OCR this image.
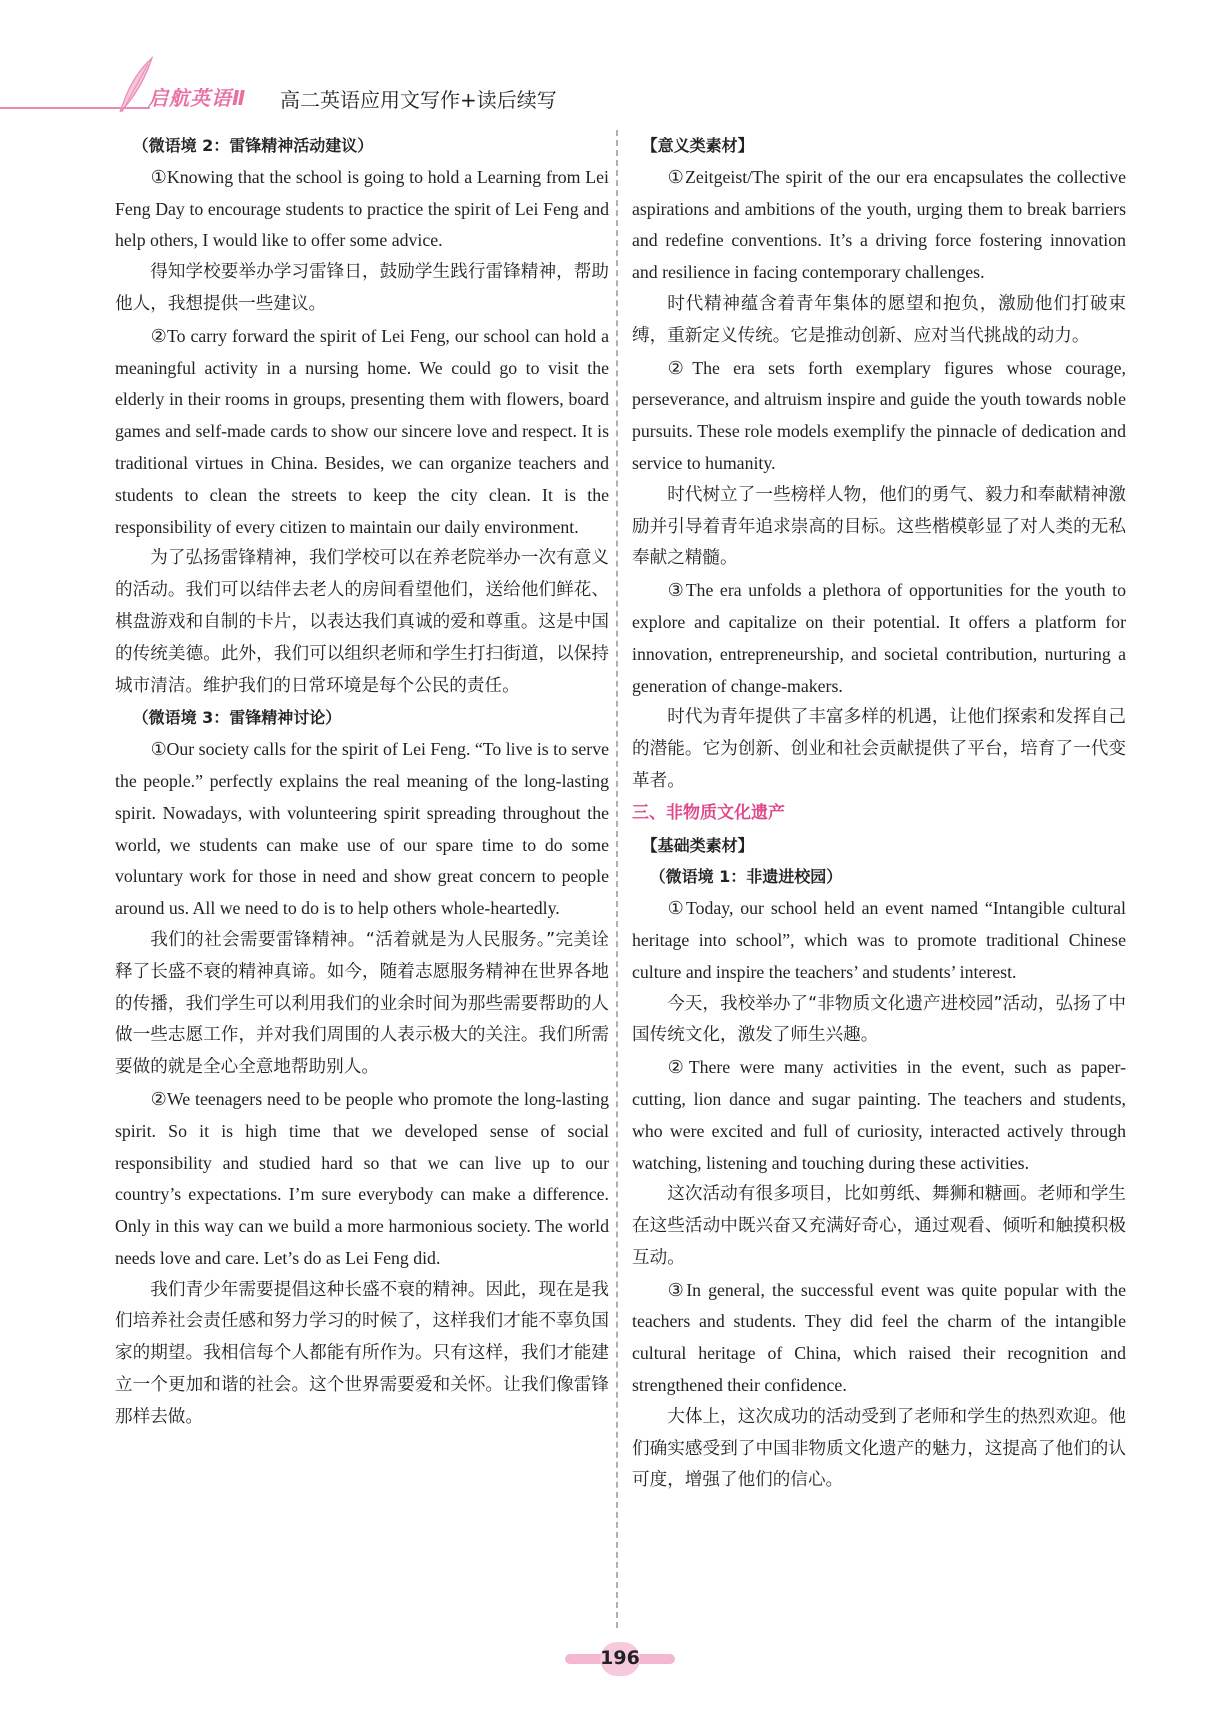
启航英语Ⅱ 高二英语应用文写作+读后续写

（微语境 2：雷锋精神活动建议）

①Knowing that the school is going to hold a Learning from Lei Feng Day to encourage students to practice the spirit of Lei Feng and help others, I would like to offer some advice.

得知学校要举办学习雷锋日，鼓励学生践行雷锋精神，帮助他人，我想提供一些建议。

②To carry forward the spirit of Lei Feng, our school can hold a meaningful activity in a nursing home. We could go to visit the elderly in their rooms in groups, presenting them with flowers, board games and self-made cards to show our sincere love and respect. It is traditional virtues in China. Besides, we can organize teachers and students to clean the streets to keep the city clean. It is the responsibility of every citizen to maintain our daily environment.

为了弘扬雷锋精神，我们学校可以在养老院举办一次有意义的活动。我们可以结伴去老人的房间看望他们，送给他们鲜花、棋盘游戏和自制的卡片，以表达我们真诚的爱和尊重。这是中国的传统美德。此外，我们可以组织老师和学生打扫街道，以保持城市清洁。维护我们的日常环境是每个公民的责任。

（微语境 3：雷锋精神讨论）

①Our society calls for the spirit of Lei Feng. “To live is to serve the people.” perfectly explains the real meaning of the long-lasting spirit. Nowadays, with volunteering spirit spreading throughout the world, we students can make use of our spare time to do some voluntary work for those in need and show great concern to people around us. All we need to do is to help others whole-heartedly.

我们的社会需要雷锋精神。“活着就是为人民服务。”完美诠释了长盛不衰的精神真谛。如今，随着志愿服务精神在世界各地的传播，我们学生可以利用我们的业余时间为那些需要帮助的人做一些志愿工作，并对我们周围的人表示极大的关注。我们所需要做的就是全心全意地帮助别人。

②We teenagers need to be people who promote the long-lasting spirit. So it is high time that we developed sense of social responsibility and studied hard so that we can live up to our country’s expectations. I’m sure everybody can make a difference. Only in this way can we build a more harmonious society. The world needs love and care. Let’s do as Lei Feng did.

我们青少年需要提倡这种长盛不衰的精神。因此，现在是我们培养社会责任感和努力学习的时候了，这样我们才能不辜负国家的期望。我相信每个人都能有所作为。只有这样，我们才能建立一个更加和谐的社会。这个世界需要爱和关怀。让我们像雷锋那样去做。

【意义类素材】

①Zeitgeist/The spirit of the our era encapsulates the collective aspirations and ambitions of the youth, urging them to break barriers and redefine conventions. It’s a driving force fostering innovation and resilience in facing contemporary challenges.

时代精神蕴含着青年集体的愿望和抱负，激励他们打破束缚，重新定义传统。它是推动创新、应对当代挑战的动力。

②The era sets forth exemplary figures whose courage, perseverance, and altruism inspire and guide the youth towards noble pursuits. These role models exemplify the pinnacle of dedication and service to humanity.

时代树立了一些榜样人物，他们的勇气、毅力和奉献精神激励并引导着青年追求崇高的目标。这些楷模彰显了对人类的无私奉献之精髓。

③The era unfolds a plethora of opportunities for the youth to explore and capitalize on their potential. It offers a platform for innovation, entrepreneurship, and societal contribution, nurturing a generation of change-makers.

时代为青年提供了丰富多样的机遇，让他们探索和发挥自己的潜能。它为创新、创业和社会贡献提供了平台，培育了一代变革者。

三、非物质文化遗产

【基础类素材】

（微语境 1：非遗进校园）

①Today, our school held an event named “Intangible cultural heritage into school”, which was to promote traditional Chinese culture and inspire the teachers’ and students’ interest.

今天，我校举办了“非物质文化遗产进校园”活动，弘扬了中国传统文化，激发了师生兴趣。

②There were many activities in the event, such as paper-cutting, lion dance and sugar painting. The teachers and students, who were excited and full of curiosity, interacted actively through watching, listening and touching during these activities.

这次活动有很多项目，比如剪纸、舞狮和糖画。老师和学生在这些活动中既兴奋又充满好奇心，通过观看、倾听和触摸积极互动。

③In general, the successful event was quite popular with the teachers and students. They did feel the charm of the intangible cultural heritage of China, which raised their recognition and strengthened their confidence.

大体上，这次成功的活动受到了老师和学生的热烈欢迎。他们确实感受到了中国非物质文化遗产的魅力，这提高了他们的认可度，增强了他们的信心。

196
